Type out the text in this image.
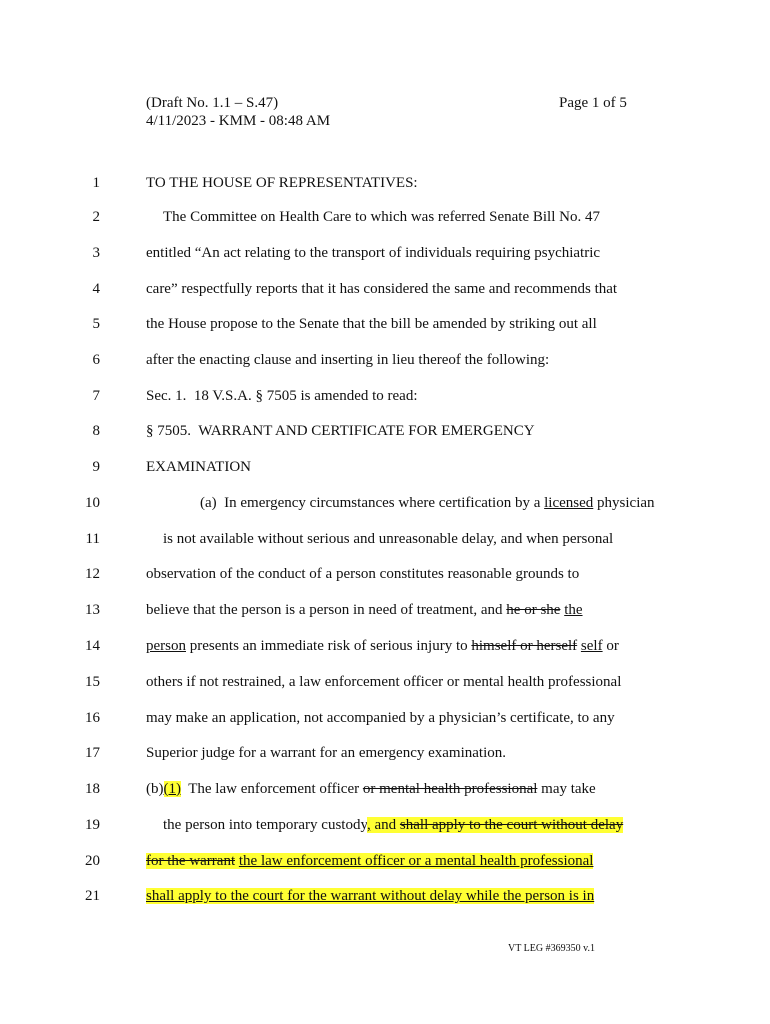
(Draft No. 1.1 – S.47)
4/11/2023 - KMM - 08:48 AM
Page 1 of 5
1	TO THE HOUSE OF REPRESENTATIVES:
2	The Committee on Health Care to which was referred Senate Bill No. 47
3	entitled “An act relating to the transport of individuals requiring psychiatric
4	care” respectfully reports that it has considered the same and recommends that
5	the House propose to the Senate that the bill be amended by striking out all
6	after the enacting clause and inserting in lieu thereof the following:
7	Sec. 1.  18 V.S.A. § 7505 is amended to read:
8	§ 7505.  WARRANT AND CERTIFICATE FOR EMERGENCY
9	EXAMINATION
10	(a)  In emergency circumstances where certification by a licensed physician
11	is not available without serious and unreasonable delay, and when personal
12	observation of the conduct of a person constitutes reasonable grounds to
13	believe that the person is a person in need of treatment, and he or she the
14	person presents an immediate risk of serious injury to himself or herself self or
15	others if not restrained, a law enforcement officer or mental health professional
16	may make an application, not accompanied by a physician’s certificate, to any
17	Superior judge for a warrant for an emergency examination.
18	(b)(1)  The law enforcement officer or mental health professional may take
19	the person into temporary custody, and shall apply to the court without delay
20	for the warrant the law enforcement officer or a mental health professional
21	shall apply to the court for the warrant without delay while the person is in
VT LEG #369350 v.1
